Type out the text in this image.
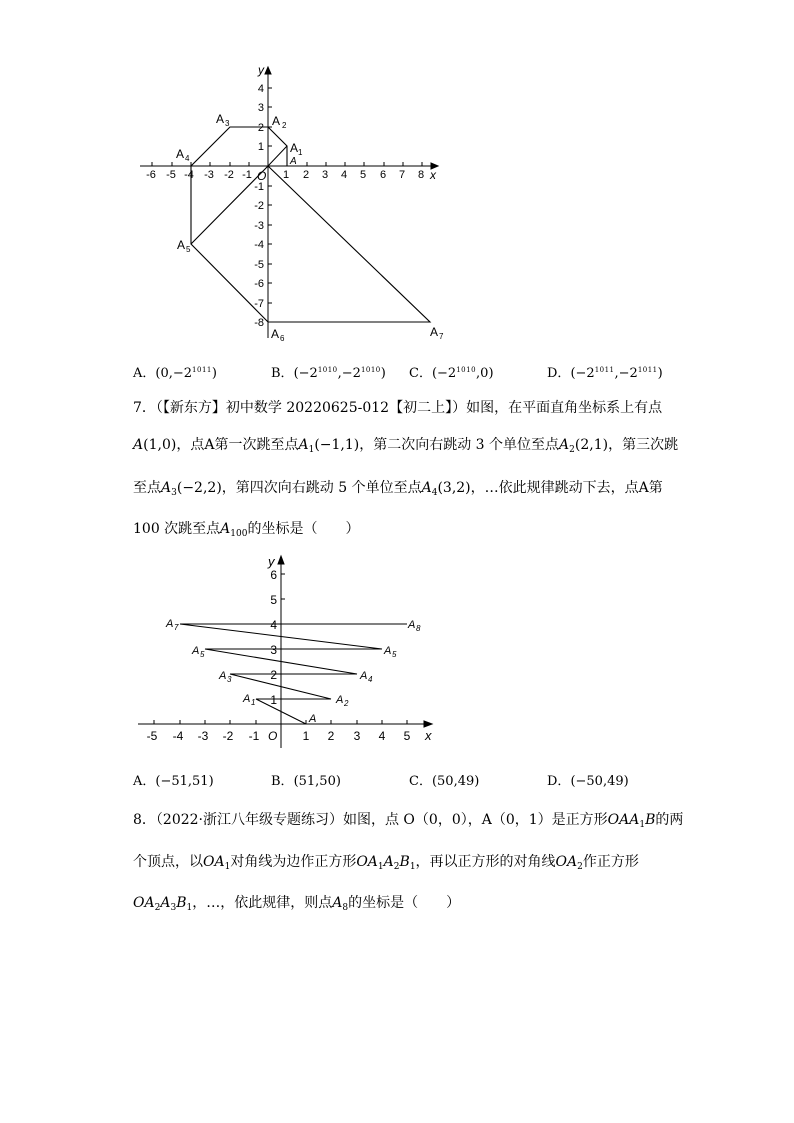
y
x
O
-6 -5 -4 -3 -2 -1	1 2 3 4 5 6 7 8
4
3
2
1
-1
-2
-3
-4
-5
-6
-7
-8
A
A 1
A 2
A 3
A 4
A 5
A 6	A 7
A．$(0,-2^{1011})$	B．$(-2^{1010},-2^{1010})$ C．$(-2^{1010},0)$	D．$(-2^{1011},-2^{1011})$
7．（【新东方】初中数学 20220625-012【初二上】）如图，在平面直角坐标系上有点
A(1,0)，点A第一次跳至点$A_1(-1,1)$，第二次向右跳动 3 个单位至点$A_2(2,1)$，第三次跳
至点$A_3(-2,2)$，第四次向右跳动 5 个单位至点$A_4(3,2)$，…依此规律跳动下去，点A第
100 次跳至点$A_{100}$的坐标是（　　）
y
x
O
-5 -4 -3 -2 -1	1 2 3 4 5
1
2
3
4
5
6
A
A 1	A 2
A 3	A 4
A 5	A 5
A 7	A 8
A．(−51,51)	B．(51,50)	C．(50,49)	D．(−50,49)
8．（2022·浙江八年级专题练习）如图，点 O（0，0），A（0，1）是正方形$OAA_1B$的两
个顶点，以$OA_1$对角线为边作正方形$OA_1A_2B_1$，再以正方形的对角线$OA_2$作正方形
$OA_2A_3B_1$，…，依此规律，则点$A_8$的坐标是（　　）
